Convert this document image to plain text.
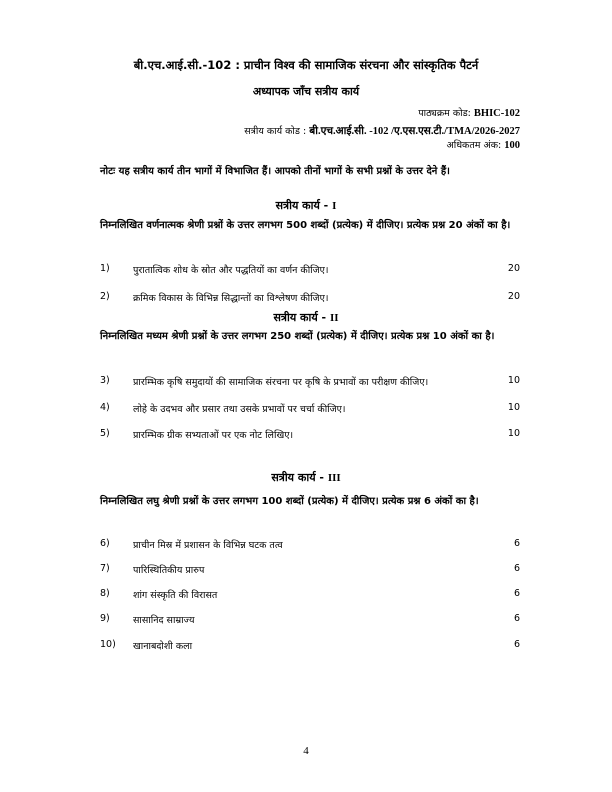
बी.एच.आई.सी.-102 : प्राचीन विश्व की सामाजिक संरचना और सांस्कृतिक पैटर्न
अध्यापक जाँच सत्रीय कार्य
पाठ्यक्रम कोड: BHIC-102
सत्रीय कार्य कोड : बी.एच.आई.सी. -102 /ए.एस.एस.टी./TMA/2026-2027
अधिकतम अंक: 100
नोटः यह सत्रीय कार्य तीन भागों में विभाजित हैं। आपको तीनों भागों के सभी प्रश्नों के उत्तर देने हैं।
सत्रीय कार्य - I
निम्नलिखित वर्णनात्मक श्रेणी प्रश्नों के उत्तर लगभग 500 शब्दों (प्रत्येक) में दीजिए। प्रत्येक प्रश्न 20 अंकों का है।
1) पुरातात्विक शोध के स्रोत और पद्धतियों का वर्णन कीजिए।	20
2) क्रमिक विकास के विभिन्न सिद्धान्तों का विश्लेषण कीजिए।	20
सत्रीय कार्य - II
निम्नलिखित मध्यम श्रेणी प्रश्नों के उत्तर लगभग 250 शब्दों (प्रत्येक) में दीजिए। प्रत्येक प्रश्न 10 अंकों का है।
3) प्रारम्भिक कृषि समुदायों की सामाजिक संरचना पर कृषि के प्रभावों का परीक्षण कीजिए।	10
4) लोहे के उदभव और प्रसार तथा उसके प्रभावों पर चर्चा कीजिए।	10
5) प्रारम्भिक ग्रीक सभ्यताओं पर एक नोट लिखिए।	10
सत्रीय कार्य - III
निम्नलिखित लघु श्रेणी प्रश्नों के उत्तर लगभग 100 शब्दों (प्रत्येक) में दीजिए। प्रत्येक प्रश्न 6 अंकों का है।
6) प्राचीन मिस्र में प्रशासन के विभिन्न घटक तत्व	6
7) पारिस्थितिकीय प्रारुप	6
8) शांग संस्कृति की विरासत	6
9) सासानिद साम्राज्य	6
10) खानाबदोशी कला	6
4
